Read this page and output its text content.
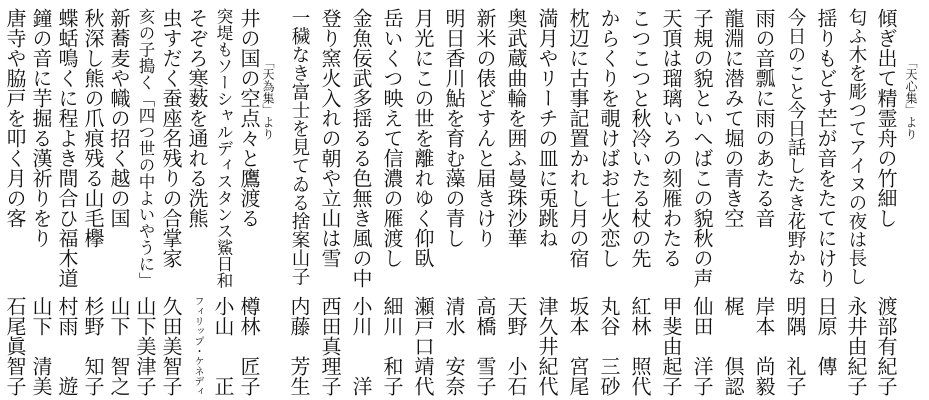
「天心集」より
傾ぎ出て精霊舟の竹細し
匂ふ木を彫つてアイヌの夜は長し
揺りもどす芒が音をたてにけり
今日のこと今日話したき花野かな
雨の音瓢に雨のあたる音
龍淵に潜みて堀の青き空
子規の貌といへばこの貌秋の声
天頂は瑠璃いろの刻雁わたる
こつこつと秋冷いたる杖の先
からくりを覗けばお七火恋し
枕辺に古事記置かれし月の宿
満月やリーチの皿に兎跳ね
奥武蔵曲輪を囲ふ曼珠沙華
新米の俵どすんと届きけり
明日香川鮎を育む藻の青し
月光にこの世を離れゆく仰臥
岳いくつ映えて信濃の雁渡し
金魚佞武多揺るる色無き風の中
登り窯火入れの朝や立山は雪
一穢なき富士を見てゐる捨案山子
渡部有紀子
永井由紀子
日原　傳
明隅　礼子
岸本　尚毅
梶　　倶認
仙田　洋子
甲斐由起子
紅林　照代
丸谷　三砂
坂本　宮尾
津久井紀代
天野　小石
高橋　雪子
清水　安奈
瀬戸口靖代
細川　和子
小川　　洋
西田真理子
内藤　芳生
「天為集」より
井の国の空点々と鷹渡る
突堤もソーシャルディスタンス鯊日和
そぞろ寒薮を通れる洗熊
虫すだく蚕座名残りの合掌家
亥の子搗く「四つ世の中よいやうに」
新蕎麦や幟の招く越の国
秋深し熊の爪痕残る山毛欅
蝶蛞鳴くに程よき間合ひ福木道
鐘の音に芋掘る漢祈りをり
唐寺や脇戸を叩く月の客
樽林　匠子
小山　　正
フィリップ・ケネディ
久田美智子
山下美津子
山下　智之
杉野　知子
村雨　　遊
山下　清美
石尾眞智子
